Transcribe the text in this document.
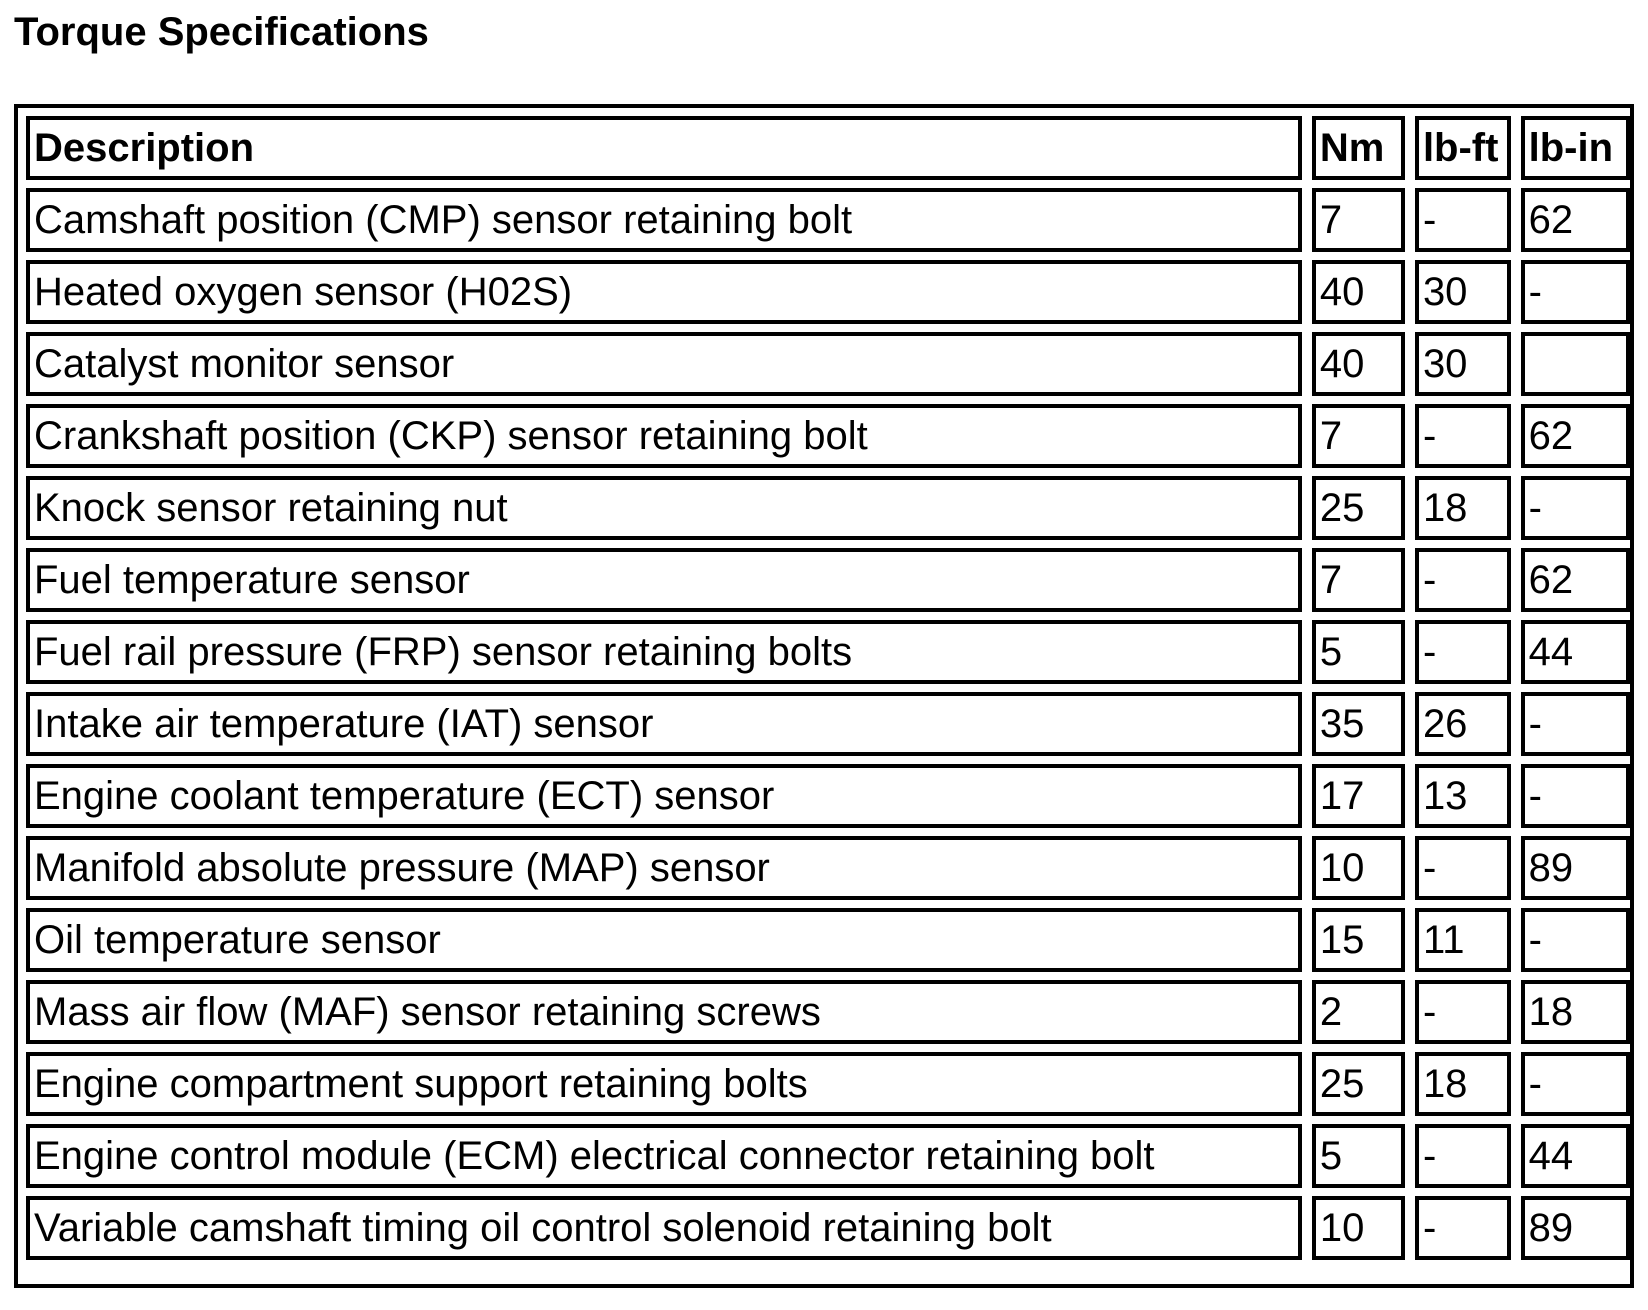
Torque Specifications
Description	Nm	lb-ft	lb-in
Camshaft position (CMP) sensor retaining bolt	7	-	62
Heated oxygen sensor (H02S)	40	30	-
Catalyst monitor sensor	40	30	
Crankshaft position (CKP) sensor retaining bolt	7	-	62
Knock sensor retaining nut	25	18	-
Fuel temperature sensor	7	-	62
Fuel rail pressure (FRP) sensor retaining bolts	5	-	44
Intake air temperature (IAT) sensor	35	26	-
Engine coolant temperature (ECT) sensor	17	13	-
Manifold absolute pressure (MAP) sensor	10	-	89
Oil temperature sensor	15	11	-
Mass air flow (MAF) sensor retaining screws	2	-	18
Engine compartment support retaining bolts	25	18	-
Engine control module (ECM) electrical connector retaining bolt	5	-	44
Variable camshaft timing oil control solenoid retaining bolt	10	-	89
